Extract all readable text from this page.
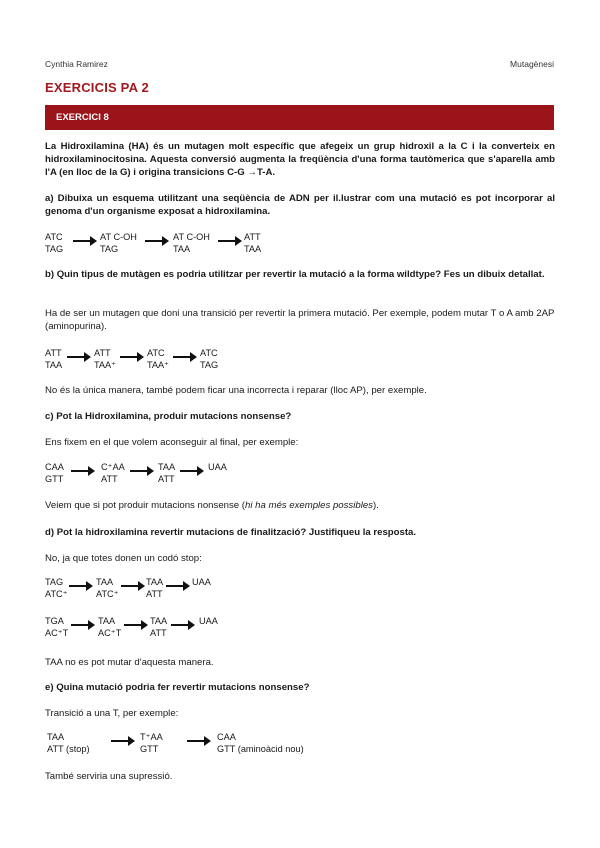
Cynthia Ramirez	Mutagènesi
EXERCICIS PA 2
EXERCICI 8
La Hidroxilamina (HA) és un mutagen molt específic que afegeix un grup hidroxil a la C i la converteix en hidroxilaminocitosina. Aquesta conversió augmenta la freqüència d'una forma tautòmerica que s'aparella amb l'A (en lloc de la G) i origina transicions C-G →T-A.
a) Dibuixa un esquema utilitzant una seqüència de ADN per il.lustrar com una mutació es pot incorporar al genoma d'un organisme exposat a hidroxilamina.
ATC
TAG
AT C-OH
TAG
AT C-OH
TAA
ATT
TAA
b) Quin tipus de mutàgen es podria utilitzar per revertir la mutació a la forma wildtype? Fes un dibuix detallat.
Ha de ser un mutagen que doni una transició per revertir la primera mutació. Per exemple, podem mutar T o A amb 2AP (aminopurina).
ATT
TAA
ATT
TAA⁺
ATC
TAA⁺
ATC
TAG
No és la única manera, també podem ficar una incorrecta i reparar (lloc AP), per exemple.
c) Pot la Hidroxilamina, produir mutacions nonsense?
Ens fixem en el que volem aconseguir al final, per exemple:
CAA
GTT
C⁺AA
ATT
TAA
ATT
UAA
Veiem que si pot produir mutacions nonsense (hi ha més exemples possibles).
d) Pot la hidroxilamina revertir mutacions de finalització? Justifiqueu la resposta.
No, ja que totes donen un codó stop:
TAG
ATC⁺
TAA
ATC⁺
TAA
ATT
UAA
TGA
AC⁺T
TAA
AC⁺T
TAA
ATT
UAA
TAA no es pot mutar d'aquesta manera.
e) Quina mutació podria fer revertir mutacions nonsense?
Transició a una T, per exemple:
TAA
ATT (stop)
T⁺AA
GTT
CAA
GTT (aminoàcid nou)
També serviria una supressió.
